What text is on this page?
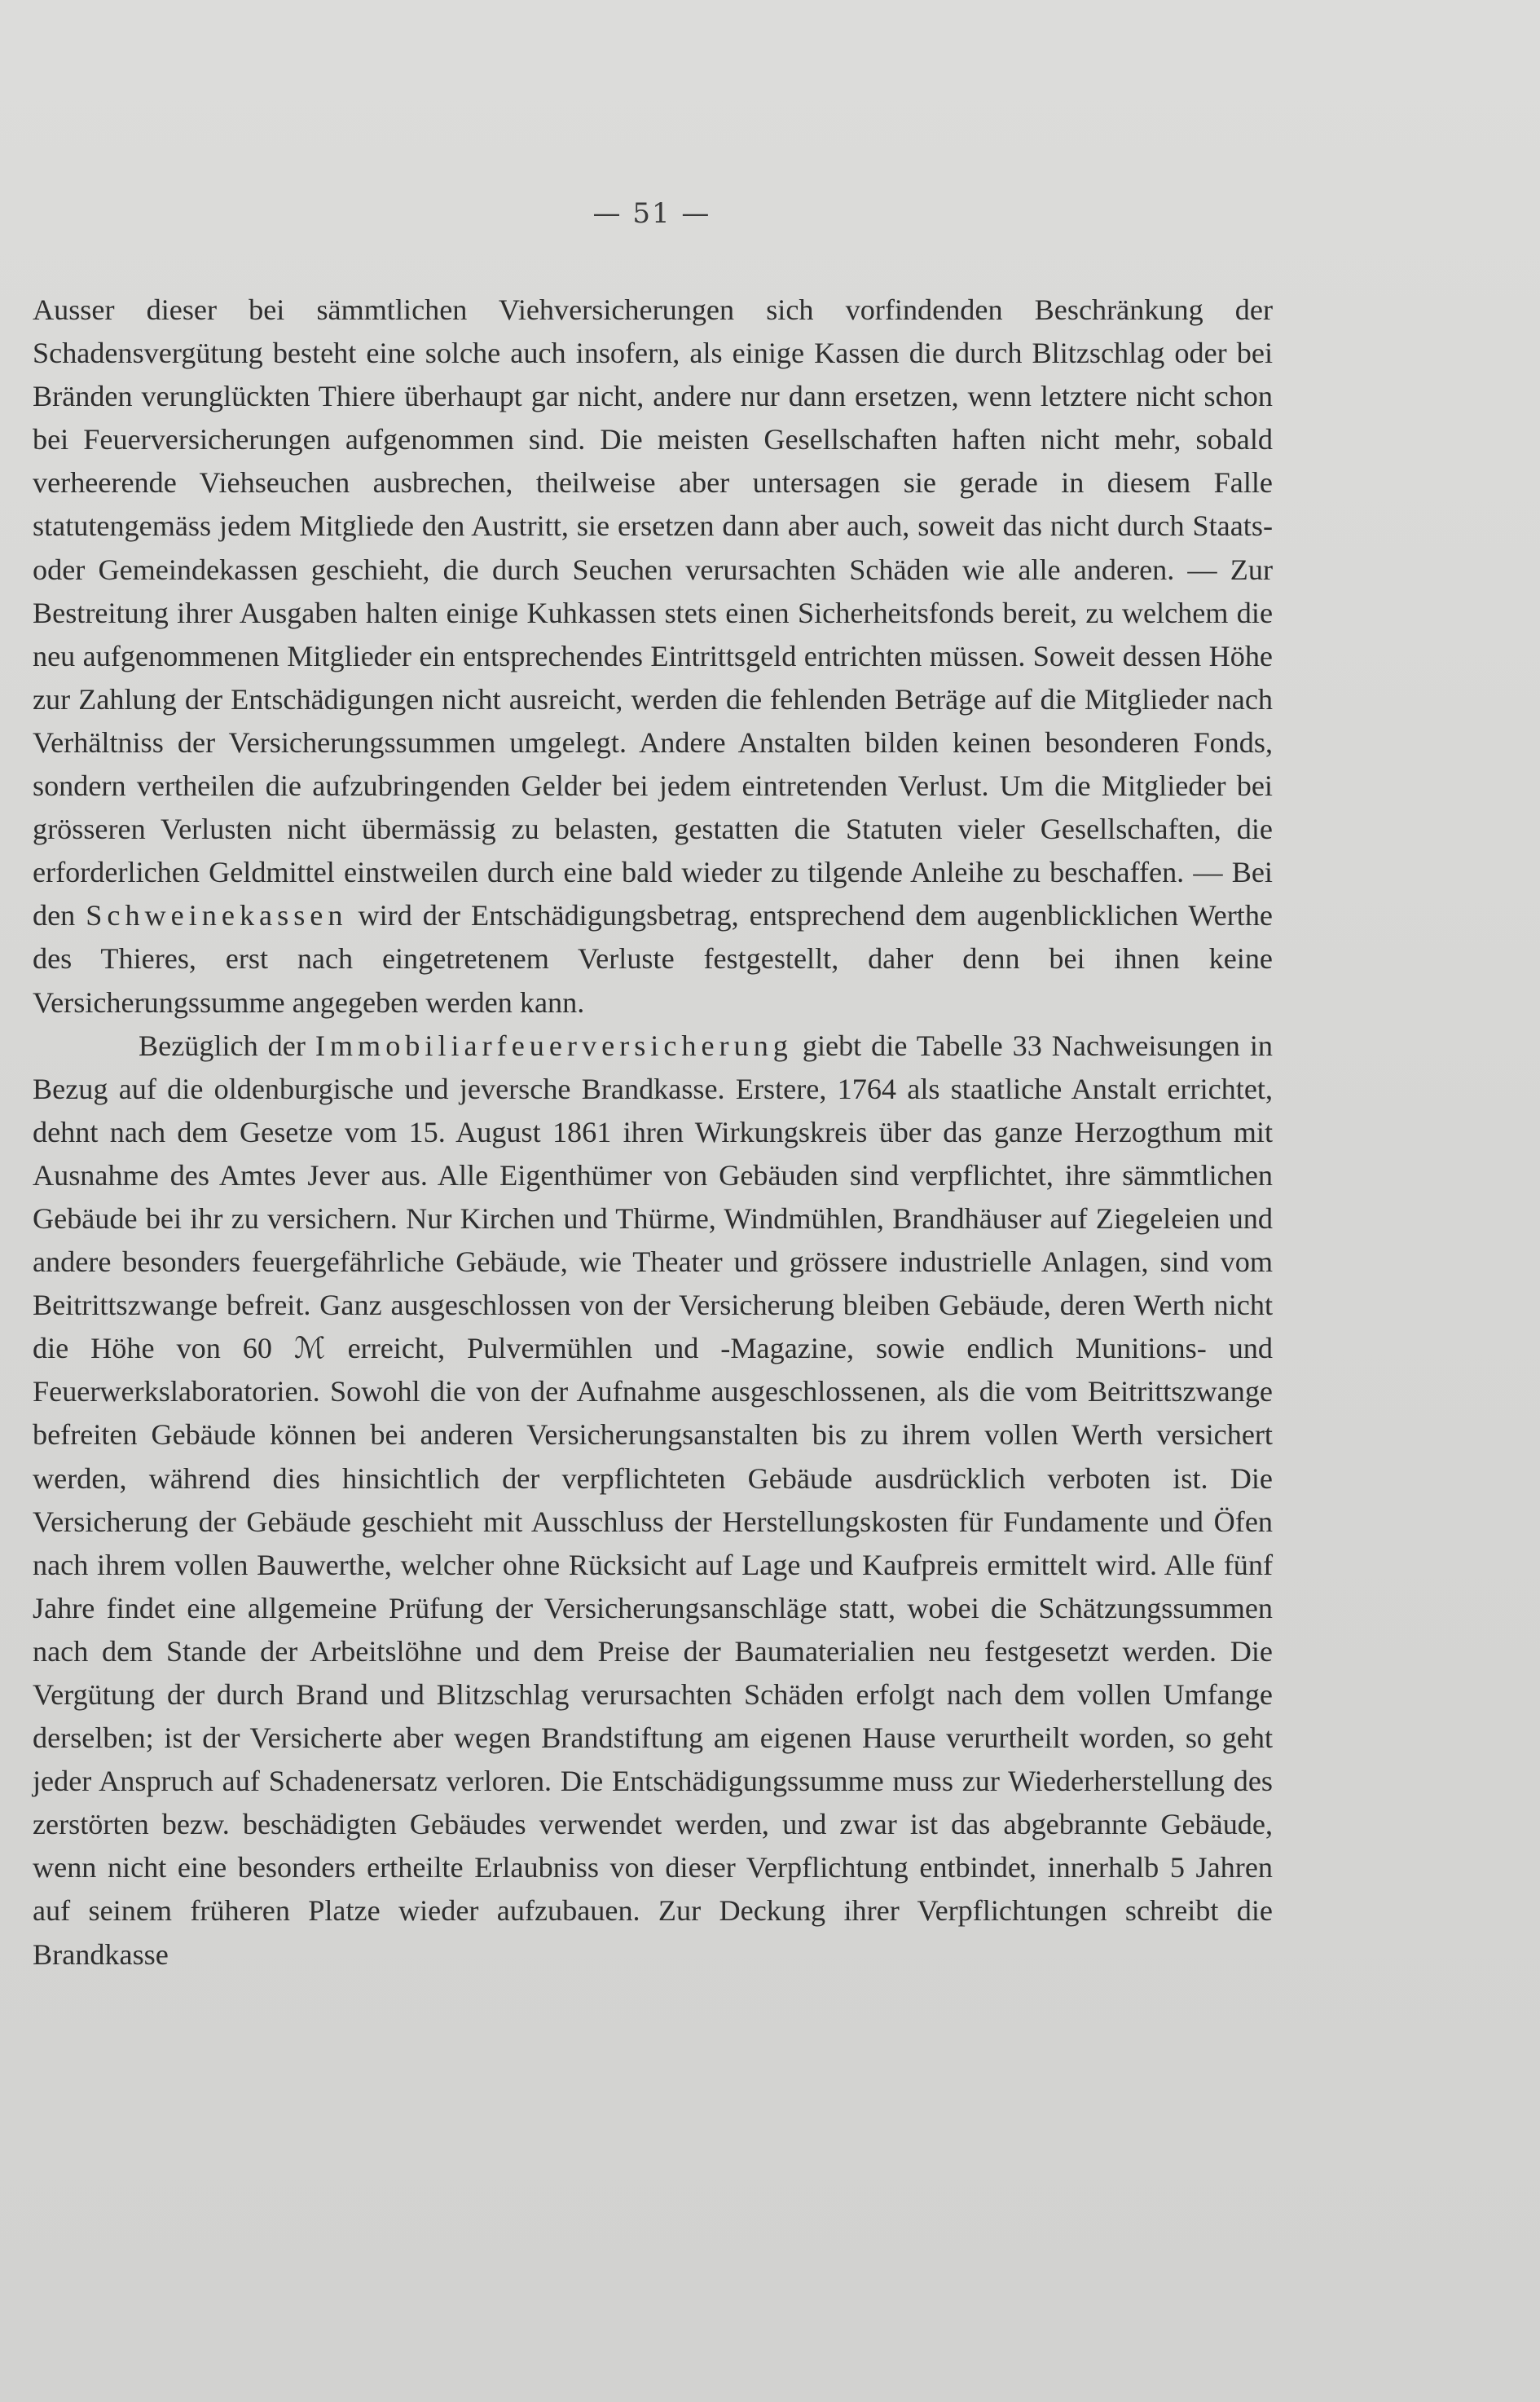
— 51 —

Ausser dieser bei sämmtlichen Viehversicherungen sich vorfindenden Beschränkung der Schadensvergütung besteht eine solche auch insofern, als einige Kassen die durch Blitzschlag oder bei Bränden verunglückten Thiere überhaupt gar nicht, andere nur dann ersetzen, wenn letztere nicht schon bei Feuerversicherungen aufgenommen sind. Die meisten Gesellschaften haften nicht mehr, sobald verheerende Viehseuchen ausbrechen, theilweise aber untersagen sie gerade in diesem Falle statutengemäss jedem Mitgliede den Austritt, sie ersetzen dann aber auch, soweit das nicht durch Staats- oder Gemeindekassen geschieht, die durch Seuchen verursachten Schäden wie alle anderen. — Zur Bestreitung ihrer Ausgaben halten einige Kuhkassen stets einen Sicherheitsfonds bereit, zu welchem die neu aufgenommenen Mitglieder ein entsprechendes Eintrittsgeld entrichten müssen. Soweit dessen Höhe zur Zahlung der Entschädigungen nicht ausreicht, werden die fehlenden Beträge auf die Mitglieder nach Verhältniss der Versicherungssummen umgelegt. Andere Anstalten bilden keinen besonderen Fonds, sondern vertheilen die aufzubringenden Gelder bei jedem eintretenden Verlust. Um die Mitglieder bei grösseren Verlusten nicht übermässig zu belasten, gestatten die Statuten vieler Gesellschaften, die erforderlichen Geldmittel einstweilen durch eine bald wieder zu tilgende Anleihe zu beschaffen. — Bei den Schweinekassen wird der Entschädigungsbetrag, entsprechend dem augenblicklichen Werthe des Thieres, erst nach eingetretenem Verluste festgestellt, daher denn bei ihnen keine Versicherungssumme angegeben werden kann.

Bezüglich der Immobiliarfeuerversicherung giebt die Tabelle 33 Nachweisungen in Bezug auf die oldenburgische und jeversche Brandkasse. Erstere, 1764 als staatliche Anstalt errichtet, dehnt nach dem Gesetze vom 15. August 1861 ihren Wirkungskreis über das ganze Herzogthum mit Ausnahme des Amtes Jever aus. Alle Eigenthümer von Gebäuden sind verpflichtet, ihre sämmtlichen Gebäude bei ihr zu versichern. Nur Kirchen und Thürme, Windmühlen, Brandhäuser auf Ziegeleien und andere besonders feuergefährliche Gebäude, wie Theater und grössere industrielle Anlagen, sind vom Beitrittszwange befreit. Ganz ausgeschlossen von der Versicherung bleiben Gebäude, deren Werth nicht die Höhe von 60 ℳ erreicht, Pulvermühlen und -Magazine, sowie endlich Munitions- und Feuerwerkslaboratorien. Sowohl die von der Aufnahme ausgeschlossenen, als die vom Beitrittszwange befreiten Gebäude können bei anderen Versicherungsanstalten bis zu ihrem vollen Werth versichert werden, während dies hinsichtlich der verpflichteten Gebäude ausdrücklich verboten ist. Die Versicherung der Gebäude geschieht mit Ausschluss der Herstellungskosten für Fundamente und Öfen nach ihrem vollen Bauwerthe, welcher ohne Rücksicht auf Lage und Kaufpreis ermittelt wird. Alle fünf Jahre findet eine allgemeine Prüfung der Versicherungsanschläge statt, wobei die Schätzungssummen nach dem Stande der Arbeitslöhne und dem Preise der Baumaterialien neu festgesetzt werden. Die Vergütung der durch Brand und Blitzschlag verursachten Schäden erfolgt nach dem vollen Umfange derselben; ist der Versicherte aber wegen Brandstiftung am eigenen Hause verurtheilt worden, so geht jeder Anspruch auf Schadenersatz verloren. Die Entschädigungssumme muss zur Wiederherstellung des zerstörten bezw. beschädigten Gebäudes verwendet werden, und zwar ist das abgebrannte Gebäude, wenn nicht eine besonders ertheilte Erlaubniss von dieser Verpflichtung entbindet, innerhalb 5 Jahren auf seinem früheren Platze wieder aufzubauen. Zur Deckung ihrer Verpflichtungen schreibt die Brandkasse
